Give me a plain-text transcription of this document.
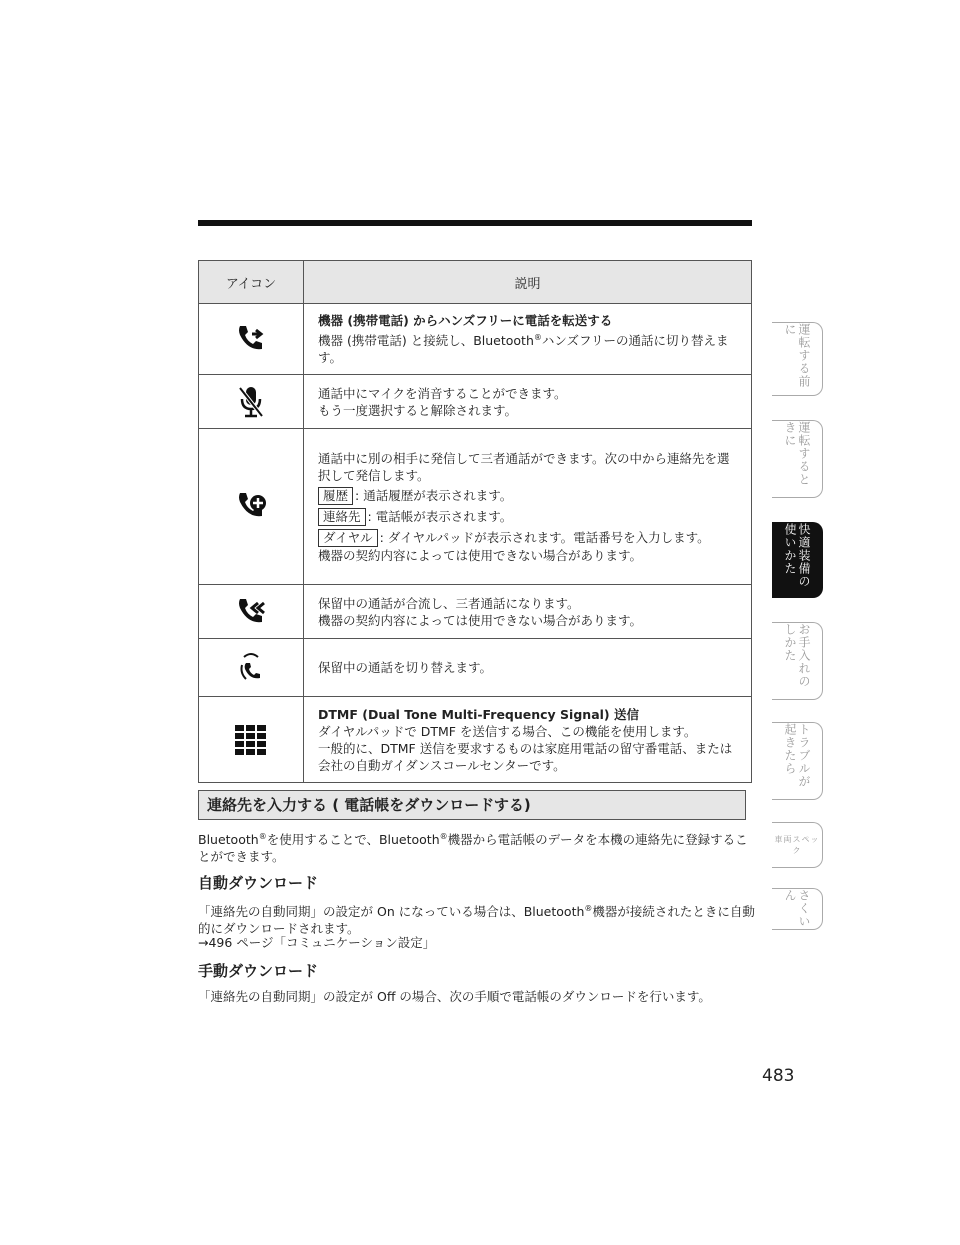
アイコン	説明

機器 (携帯電話) からハンズフリーに電話を転送する
機器 (携帯電話) と接続し、Bluetooth®ハンズフリーの通話に切り替えます。

通話中にマイクを消音することができます。
もう一度選択すると解除されます。

通話中に別の相手に発信して三者通話ができます。次の中から連絡先を選択して発信します。
履歴 : 通話履歴が表示されます。
連絡先 : 電話帳が表示されます。
ダイヤル : ダイヤルパッドが表示されます。電話番号を入力します。
機器の契約内容によっては使用できない場合があります。

保留中の通話が合流し、三者通話になります。
機器の契約内容によっては使用できない場合があります。

保留中の通話を切り替えます。

DTMF (Dual Tone Multi-Frequency Signal) 送信
ダイヤルパッドで DTMF を送信する場合、この機能を使用します。
一般的に、DTMF 送信を要求するものは家庭用電話の留守番電話、または会社の自動ガイダンスコールセンターです。
連絡先を入力する ( 電話帳をダウンロードする)
Bluetooth®を使用することで、Bluetooth®機器から電話帳のデータを本機の連絡先に登録することができます。
自動ダウンロード
「連絡先の自動同期」の設定が On になっている場合は、Bluetooth®機器が接続されたときに自動的にダウンロードされます。
→496 ページ「コミュニケーション設定」
手動ダウンロード
「連絡先の自動同期」の設定が Off の場合、次の手順で電話帳のダウンロードを行います。
483
運転する前に
運転するときに
快適装備の使いかた
お手入れのしかた
トラブルが起きたら
車両スペック
さくいん
